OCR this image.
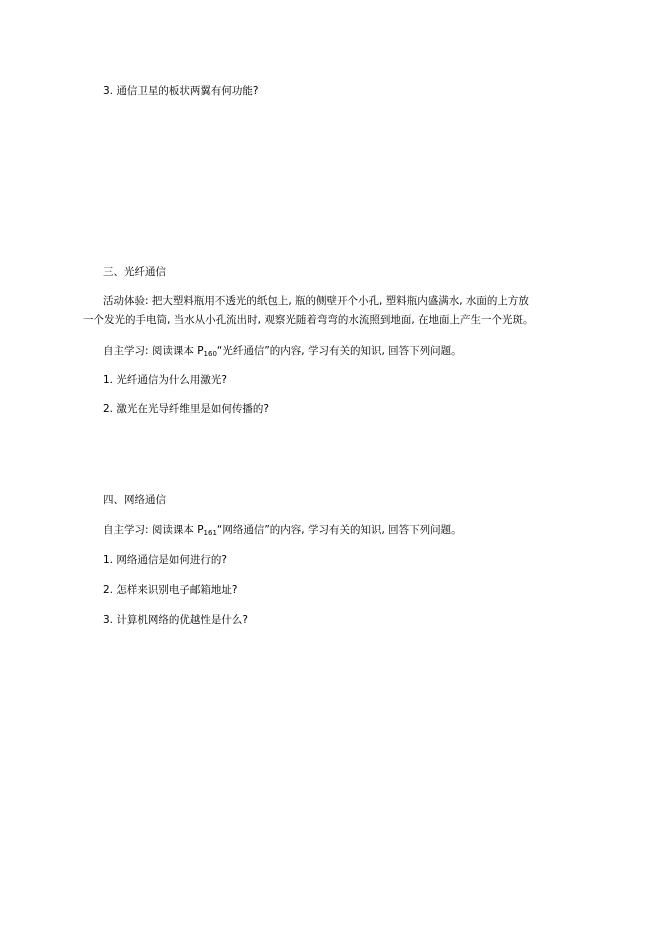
3. 通信卫星的板状两翼有何功能?
三、光纤通信
活动体验: 把大塑料瓶用不透光的纸包上, 瓶的侧壁开个小孔, 塑料瓶内盛满水, 水面的上方放
一个发光的手电筒, 当水从小孔流出时, 观察光随着弯弯的水流照到地面, 在地面上产生一个光斑。
自主学习: 阅读课本 $P_{160}“$光纤通信”的内容, 学习有关的知识, 回答下列问题。
1. 光纤通信为什么用激光?
2. 激光在光导纤维里是如何传播的?
四、网络通信
自主学习: 阅读课本 $P_{161}“$网络通信”的内容, 学习有关的知识, 回答下列问题。
1. 网络通信是如何进行的?
2. 怎样来识别电子邮箱地址?
3. 计算机网络的优越性是什么?
